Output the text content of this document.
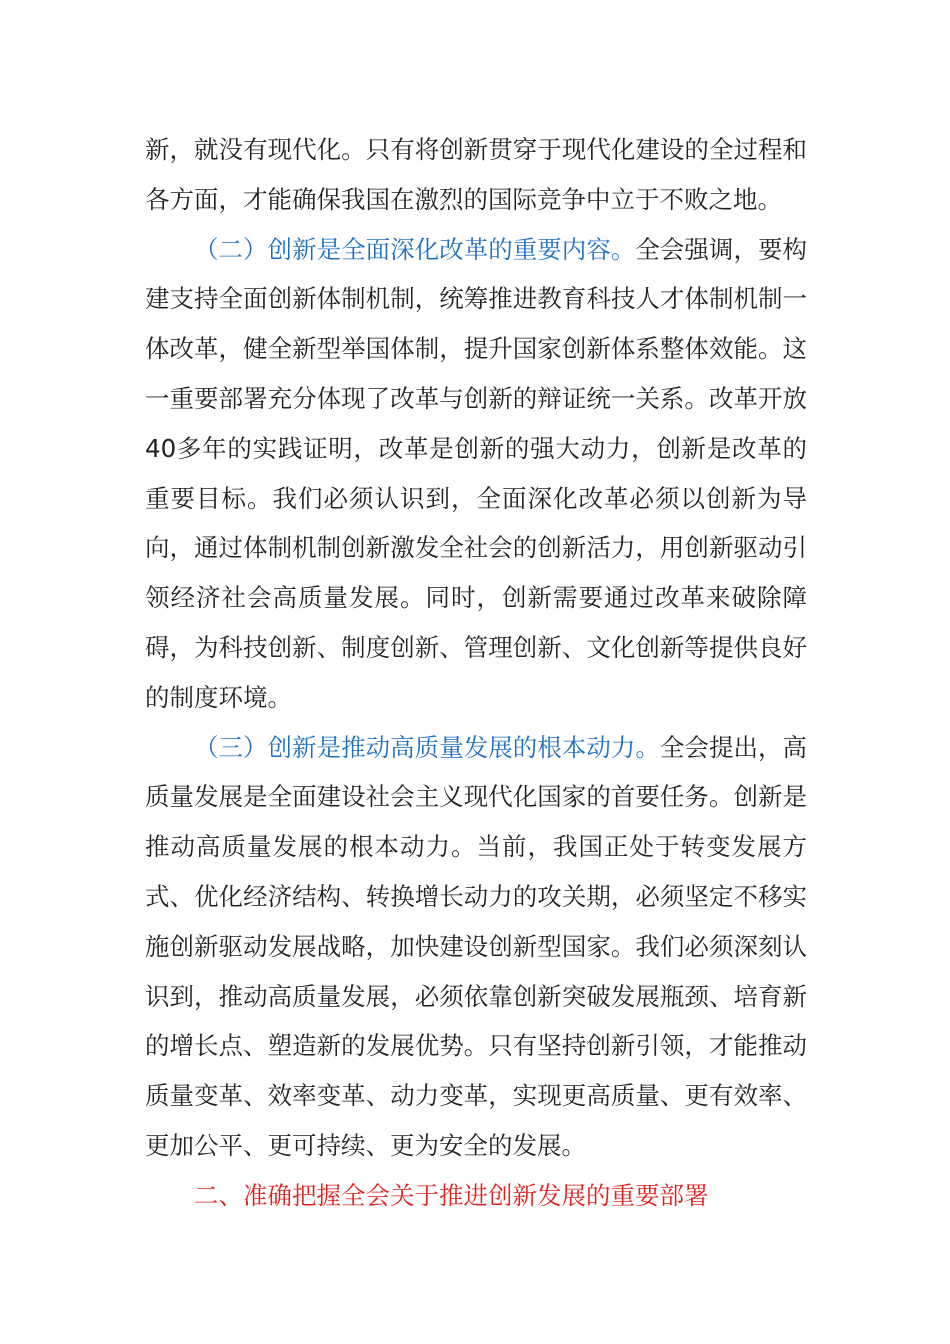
新，就没有现代化。只有将创新贯穿于现代化建设的全过程和各方面，才能确保我国在激烈的国际竞争中立于不败之地。

（二）创新是全面深化改革的重要内容。全会强调，要构建支持全面创新体制机制，统筹推进教育科技人才体制机制一体改革，健全新型举国体制，提升国家创新体系整体效能。这一重要部署充分体现了改革与创新的辩证统一关系。改革开放40多年的实践证明，改革是创新的强大动力，创新是改革的重要目标。我们必须认识到，全面深化改革必须以创新为导向，通过体制机制创新激发全社会的创新活力，用创新驱动引领经济社会高质量发展。同时，创新需要通过改革来破除障碍，为科技创新、制度创新、管理创新、文化创新等提供良好的制度环境。

（三）创新是推动高质量发展的根本动力。全会提出，高质量发展是全面建设社会主义现代化国家的首要任务。创新是推动高质量发展的根本动力。当前，我国正处于转变发展方式、优化经济结构、转换增长动力的攻关期，必须坚定不移实施创新驱动发展战略，加快建设创新型国家。我们必须深刻认识到，推动高质量发展，必须依靠创新突破发展瓶颈、培育新的增长点、塑造新的发展优势。只有坚持创新引领，才能推动质量变革、效率变革、动力变革，实现更高质量、更有效率、更加公平、更可持续、更为安全的发展。

二、准确把握全会关于推进创新发展的重要部署
